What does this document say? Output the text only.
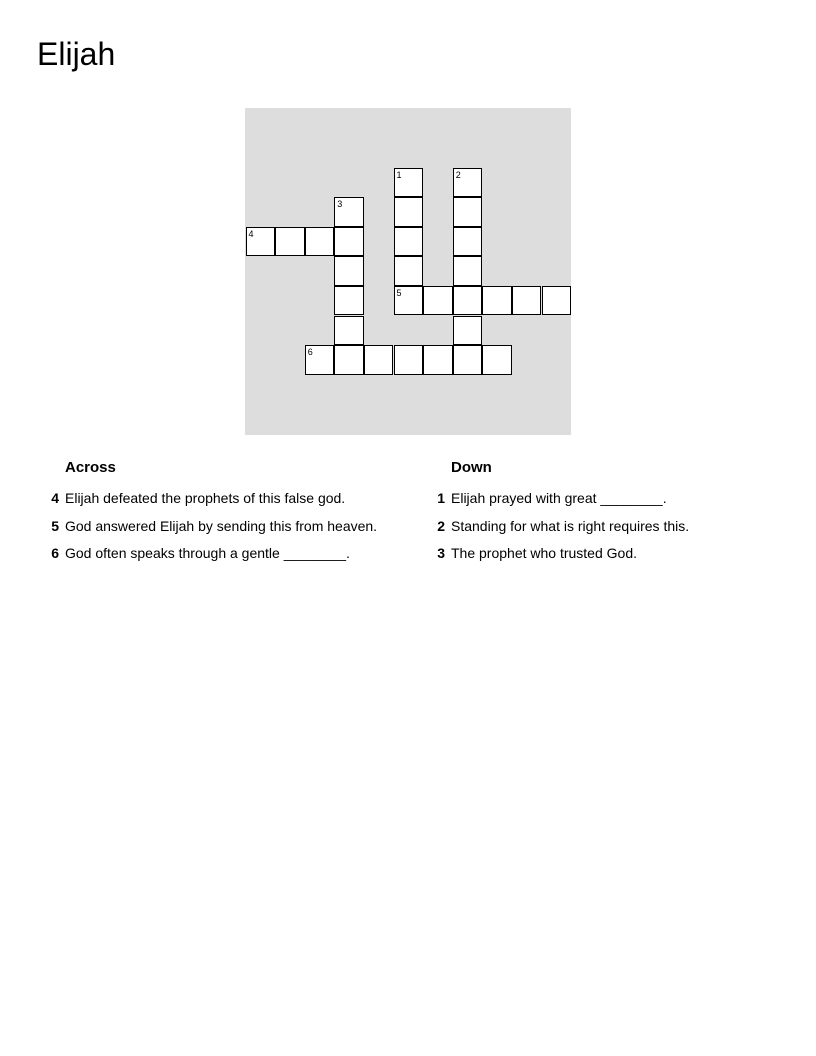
Elijah
1	2
3
4
5
6
Across
4 Elijah defeated the prophets of this false god.
5 God answered Elijah by sending this from heaven.
6 God often speaks through a gentle ________.
Down
1 Elijah prayed with great ________.
2 Standing for what is right requires this.
3 The prophet who trusted God.
